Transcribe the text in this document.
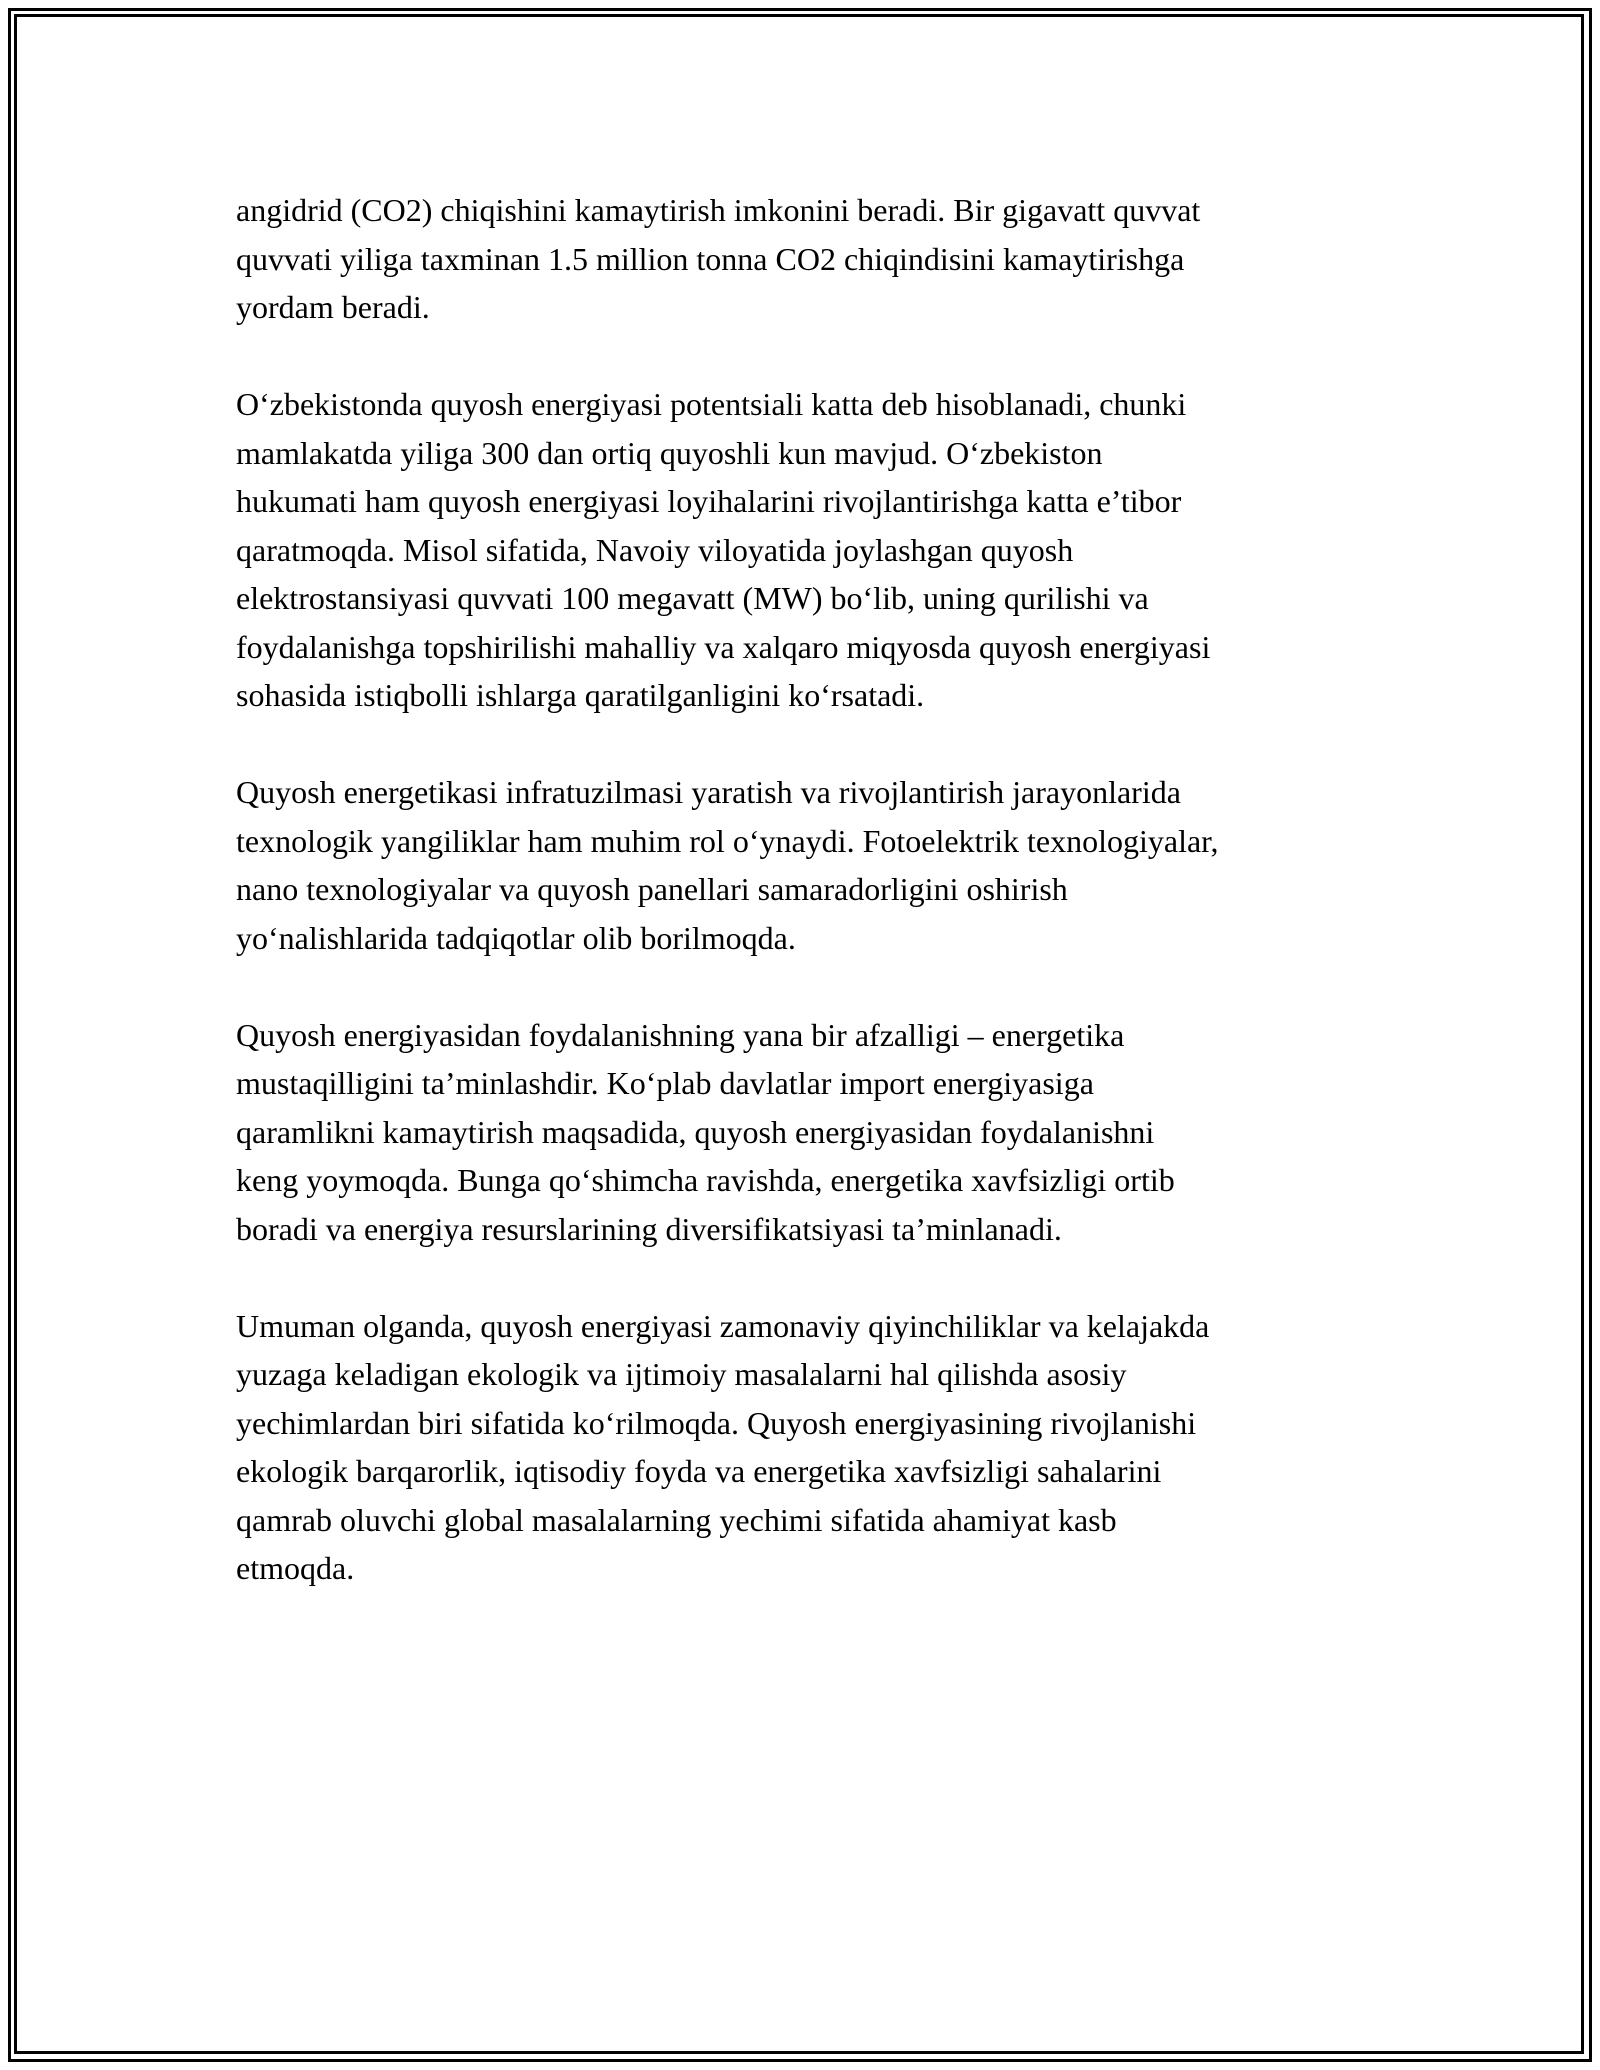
angidrid (CO2) chiqishini kamaytirish imkonini beradi. Bir gigavatt quvvat
quvvati yiliga taxminan 1.5 million tonna CO2 chiqindisini kamaytirishga
yordam beradi.

O‘zbekistonda quyosh energiyasi potentsiali katta deb hisoblanadi, chunki
mamlakatda yiliga 300 dan ortiq quyoshli kun mavjud. O‘zbekiston
hukumati ham quyosh energiyasi loyihalarini rivojlantirishga katta e’tibor
qaratmoqda. Misol sifatida, Navoiy viloyatida joylashgan quyosh
elektrostansiyasi quvvati 100 megavatt (MW) bo‘lib, uning qurilishi va
foydalanishga topshirilishi mahalliy va xalqaro miqyosda quyosh energiyasi
sohasida istiqbolli ishlarga qaratilganligini ko‘rsatadi.

Quyosh energetikasi infratuzilmasi yaratish va rivojlantirish jarayonlarida
texnologik yangiliklar ham muhim rol o‘ynaydi. Fotoelektrik texnologiyalar,
nano texnologiyalar va quyosh panellari samaradorligini oshirish
yo‘nalishlarida tadqiqotlar olib borilmoqda.

Quyosh energiyasidan foydalanishning yana bir afzalligi – energetika
mustaqilligini ta’minlashdir. Ko‘plab davlatlar import energiyasiga
qaramlikni kamaytirish maqsadida, quyosh energiyasidan foydalanishni
keng yoymoqda. Bunga qo‘shimcha ravishda, energetika xavfsizligi ortib
boradi va energiya resurslarining diversifikatsiyasi ta’minlanadi.

Umuman olganda, quyosh energiyasi zamonaviy qiyinchiliklar va kelajakda
yuzaga keladigan ekologik va ijtimoiy masalalarni hal qilishda asosiy
yechimlardan biri sifatida ko‘rilmoqda. Quyosh energiyasining rivojlanishi
ekologik barqarorlik, iqtisodiy foyda va energetika xavfsizligi sahalarini
qamrab oluvchi global masalalarning yechimi sifatida ahamiyat kasb
etmoqda.
